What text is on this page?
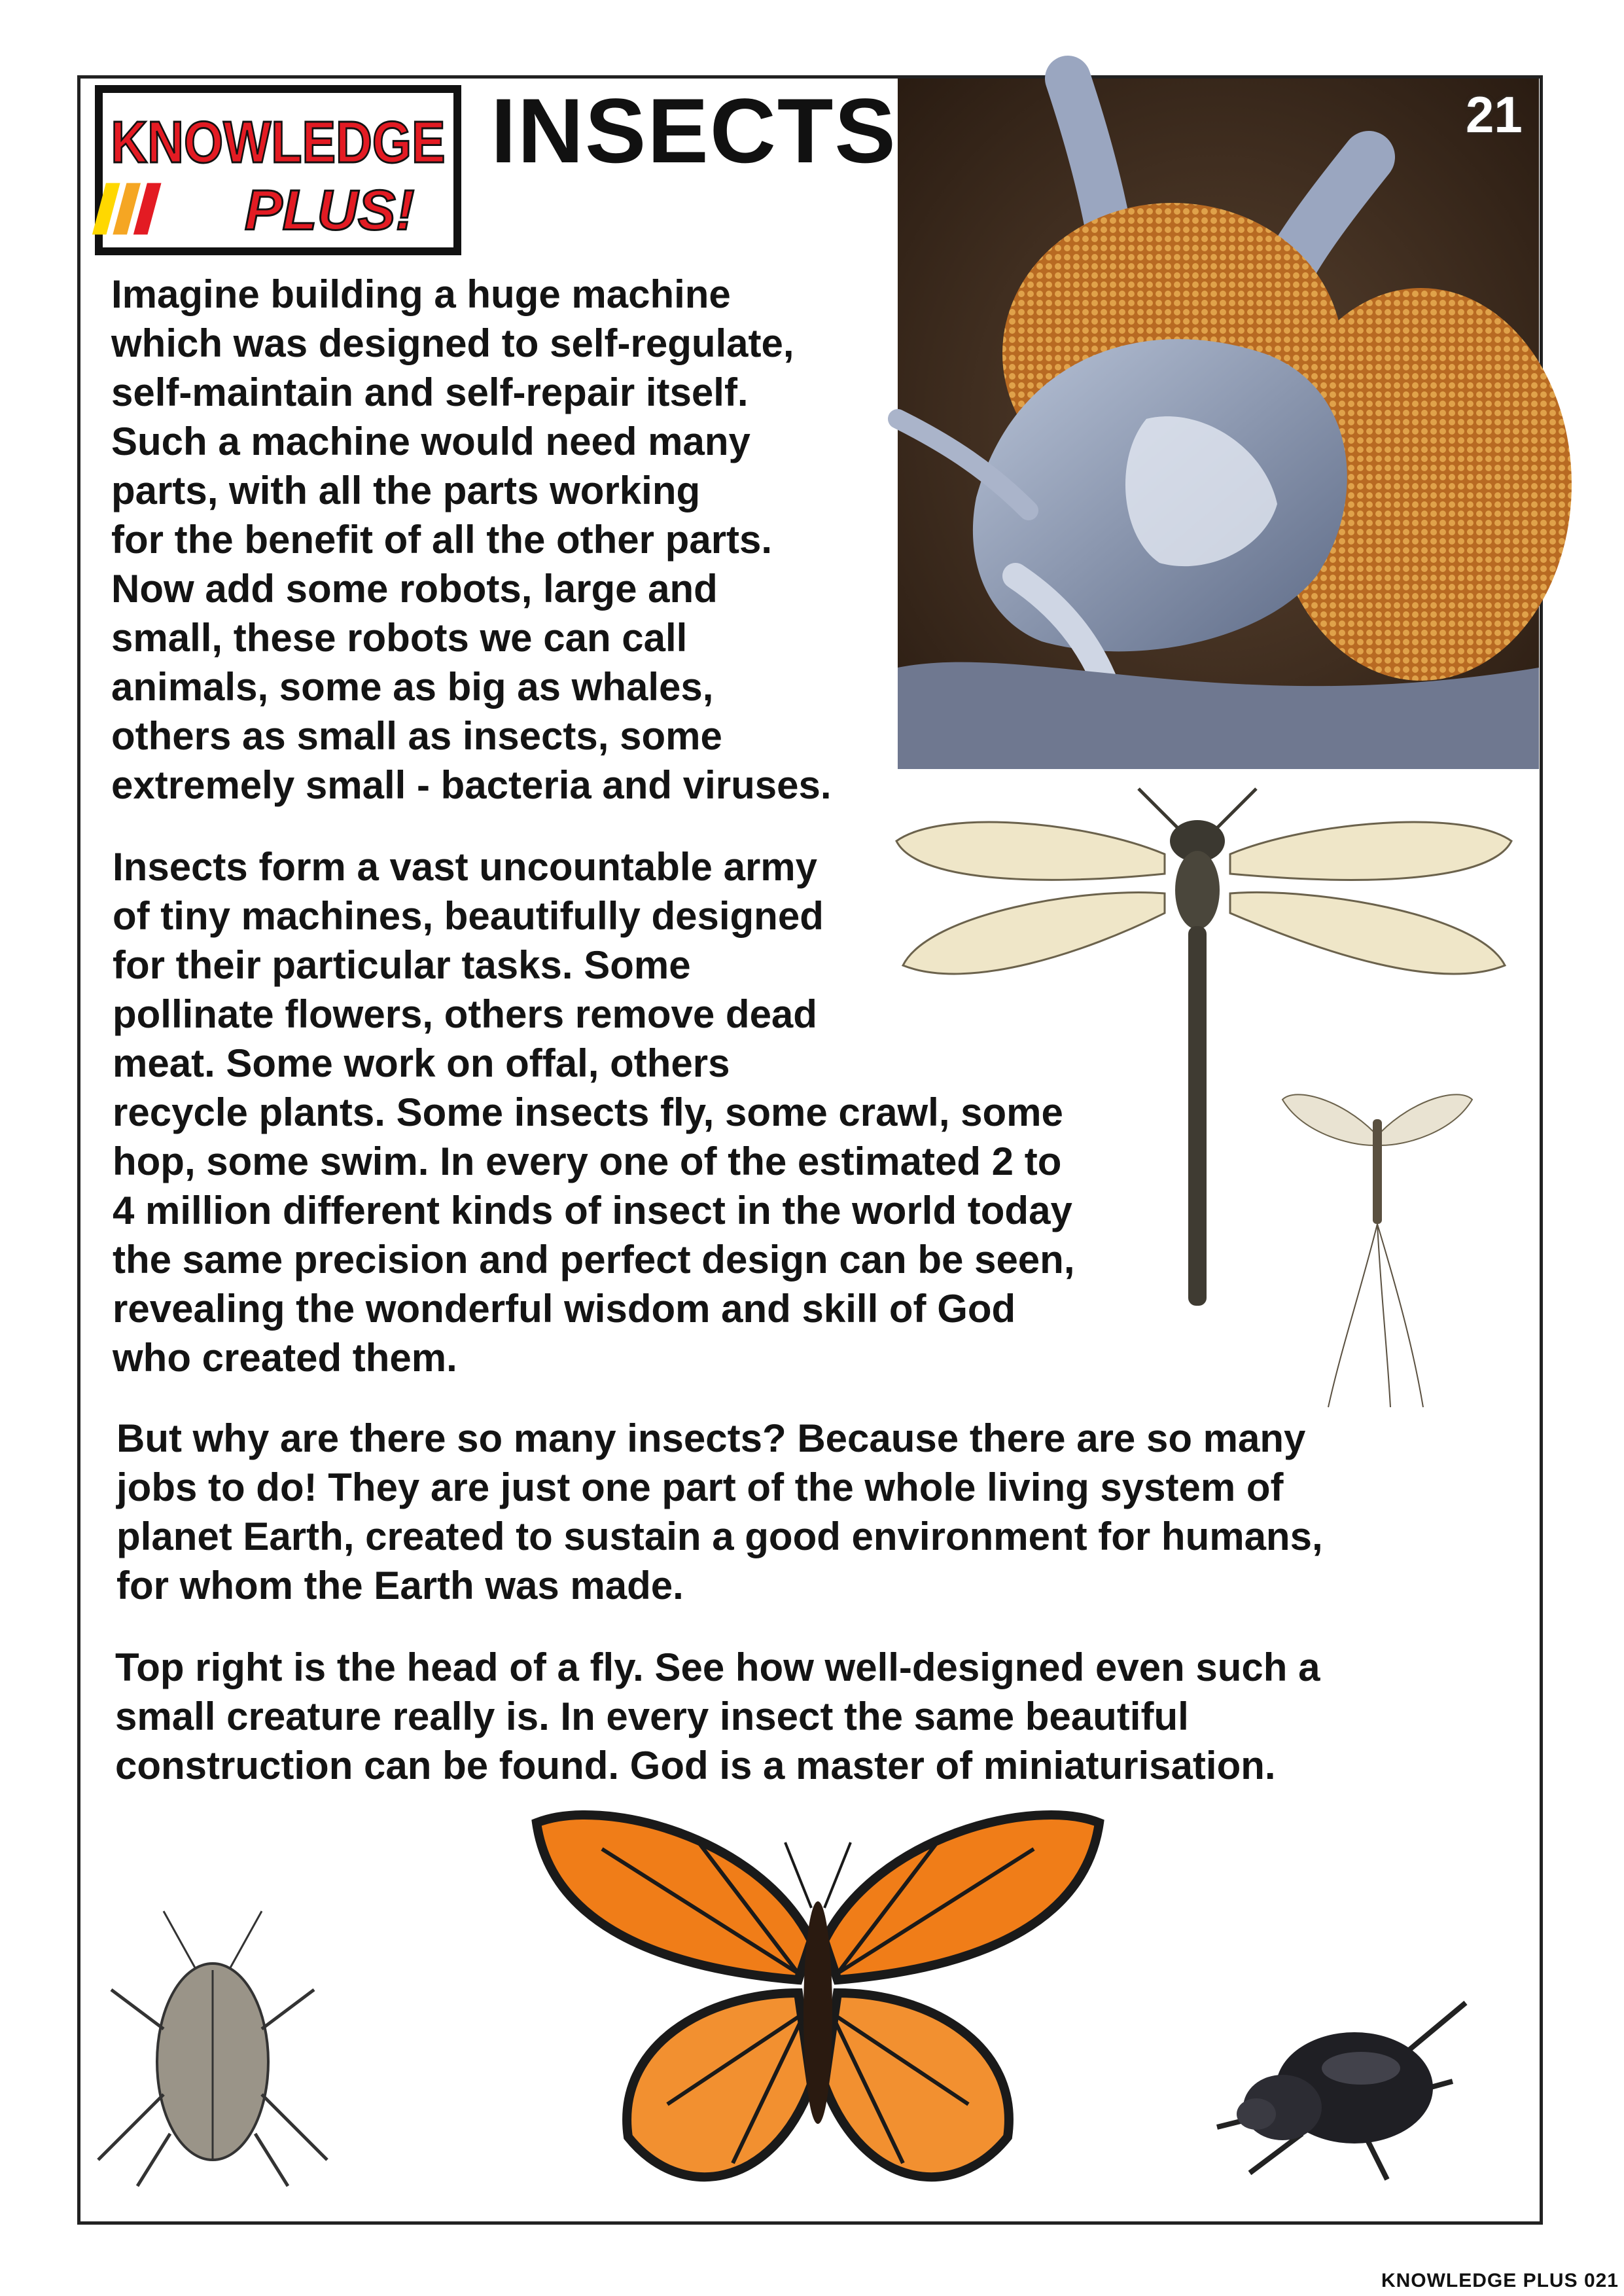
KNOWLEDGE
PLUS!
INSECTS	21

Imagine building a huge machine
which was designed to self-regulate,
self-maintain and self-repair itself.
Such a machine would need many
parts, with all the parts working
for the benefit of all the other parts.
Now add some robots, large and
small, these robots we can call
animals, some as big as whales,
others as small as insects, some
extremely small - bacteria and viruses.

Insects form a vast uncountable army
of tiny machines, beautifully designed
for their particular tasks. Some
pollinate flowers, others remove dead
meat. Some work on offal, others
recycle plants. Some insects fly, some crawl, some
hop, some swim. In every one of the estimated 2 to
4 million different kinds of insect in the world today
the same precision and perfect design can be seen,
revealing the wonderful wisdom and skill of God
who created them.

But why are there so many insects? Because there are so many
jobs to do! They are just one part of the whole living system of
planet Earth, created to sustain a good environment for humans,
for whom the Earth was made.

Top right is the head of a fly. See how well-designed even such a
small creature really is. In every insect the same beautiful
construction can be found. God is a master of miniaturisation.

KNOWLEDGE PLUS 021
